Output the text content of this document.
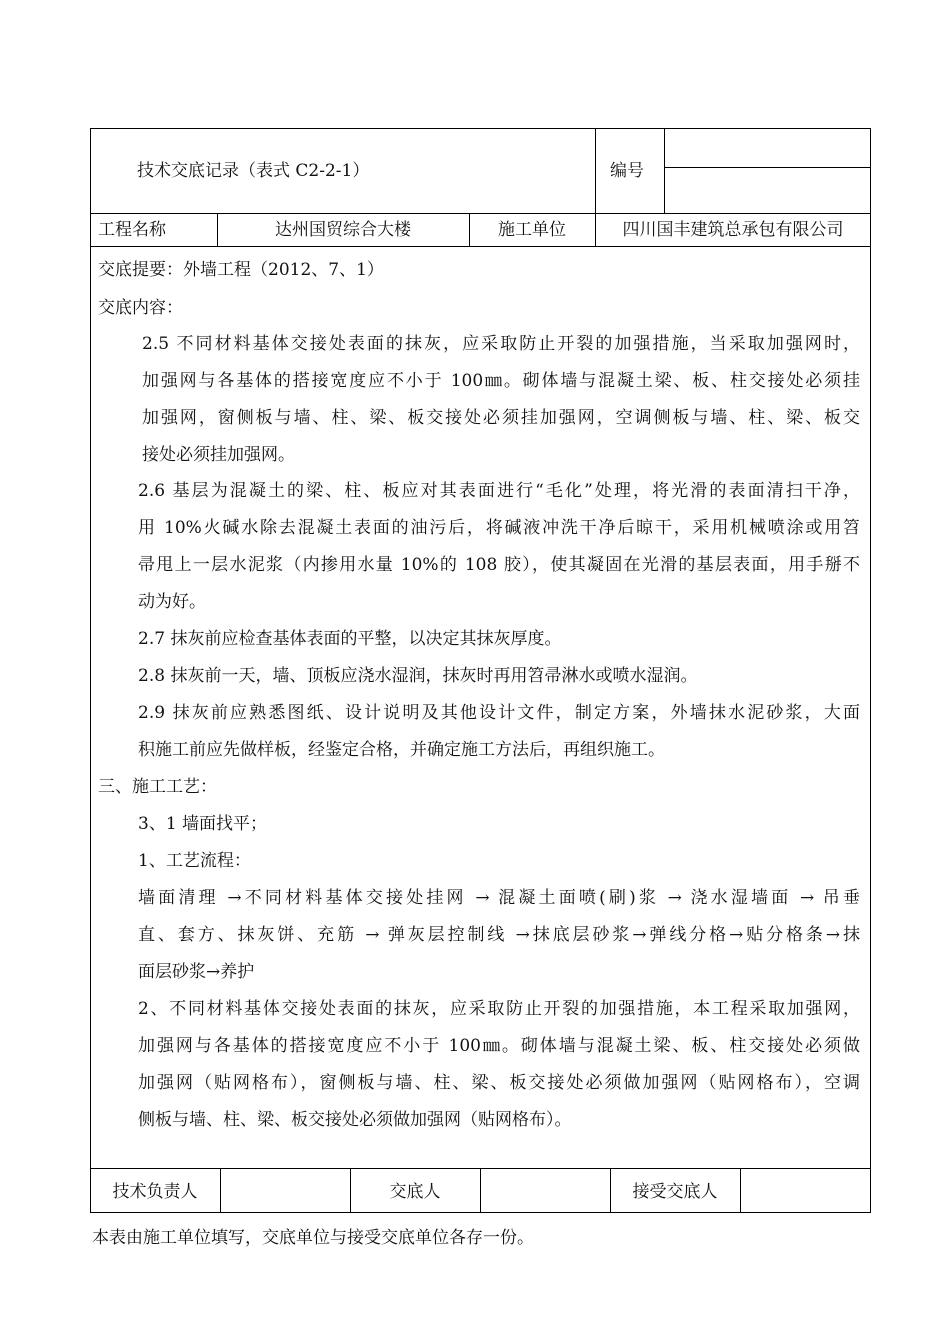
技术交底记录（表式 C2-2-1）	编号
工程名称	达州国贸综合大楼	施工单位	四川国丰建筑总承包有限公司
交底提要：外墙工程（2012、7、1）
交底内容：
2.5 不同材料基体交接处表面的抹灰，应采取防止开裂的加强措施，当采取加强网时，
加强网与各基体的搭接宽度应不小于 100㎜。砌体墙与混凝土梁、板、柱交接处必须挂
加强网，窗侧板与墙、柱、梁、板交接处必须挂加强网，空调侧板与墙、柱、梁、板交
接处必须挂加强网。
2.6 基层为混凝土的梁、柱、板应对其表面进行“毛化”处理，将光滑的表面清扫干净，
用 10%火碱水除去混凝土表面的油污后，将碱液冲洗干净后晾干，采用机械喷涂或用笤
帚甩上一层水泥浆（内掺用水量 10%的 108 胶），使其凝固在光滑的基层表面，用手掰不
动为好。
2.7 抹灰前应检查基体表面的平整，以决定其抹灰厚度。
2.8 抹灰前一天，墙、顶板应浇水湿润，抹灰时再用笤帚淋水或喷水湿润。
2.9 抹灰前应熟悉图纸、设计说明及其他设计文件，制定方案，外墙抹水泥砂浆，大面
积施工前应先做样板，经鉴定合格，并确定施工方法后，再组织施工。
三、施工工艺：
3、1 墙面找平；
1、工艺流程：
墙面清理 →不同材料基体交接处挂网 → 混凝土面喷(刷)浆 → 浇水湿墙面 → 吊垂
直、套方、抹灰饼、充筋 → 弹灰层控制线 →抹底层砂浆→弹线分格→贴分格条→抹
面层砂浆→养护
2、不同材料基体交接处表面的抹灰，应采取防止开裂的加强措施，本工程采取加强网，
加强网与各基体的搭接宽度应不小于 100㎜。砌体墙与混凝土梁、板、柱交接处必须做
加强网（贴网格布），窗侧板与墙、柱、梁、板交接处必须做加强网（贴网格布），空调
侧板与墙、柱、梁、板交接处必须做加强网（贴网格布）。
技术负责人	交底人	接受交底人
本表由施工单位填写，交底单位与接受交底单位各存一份。
